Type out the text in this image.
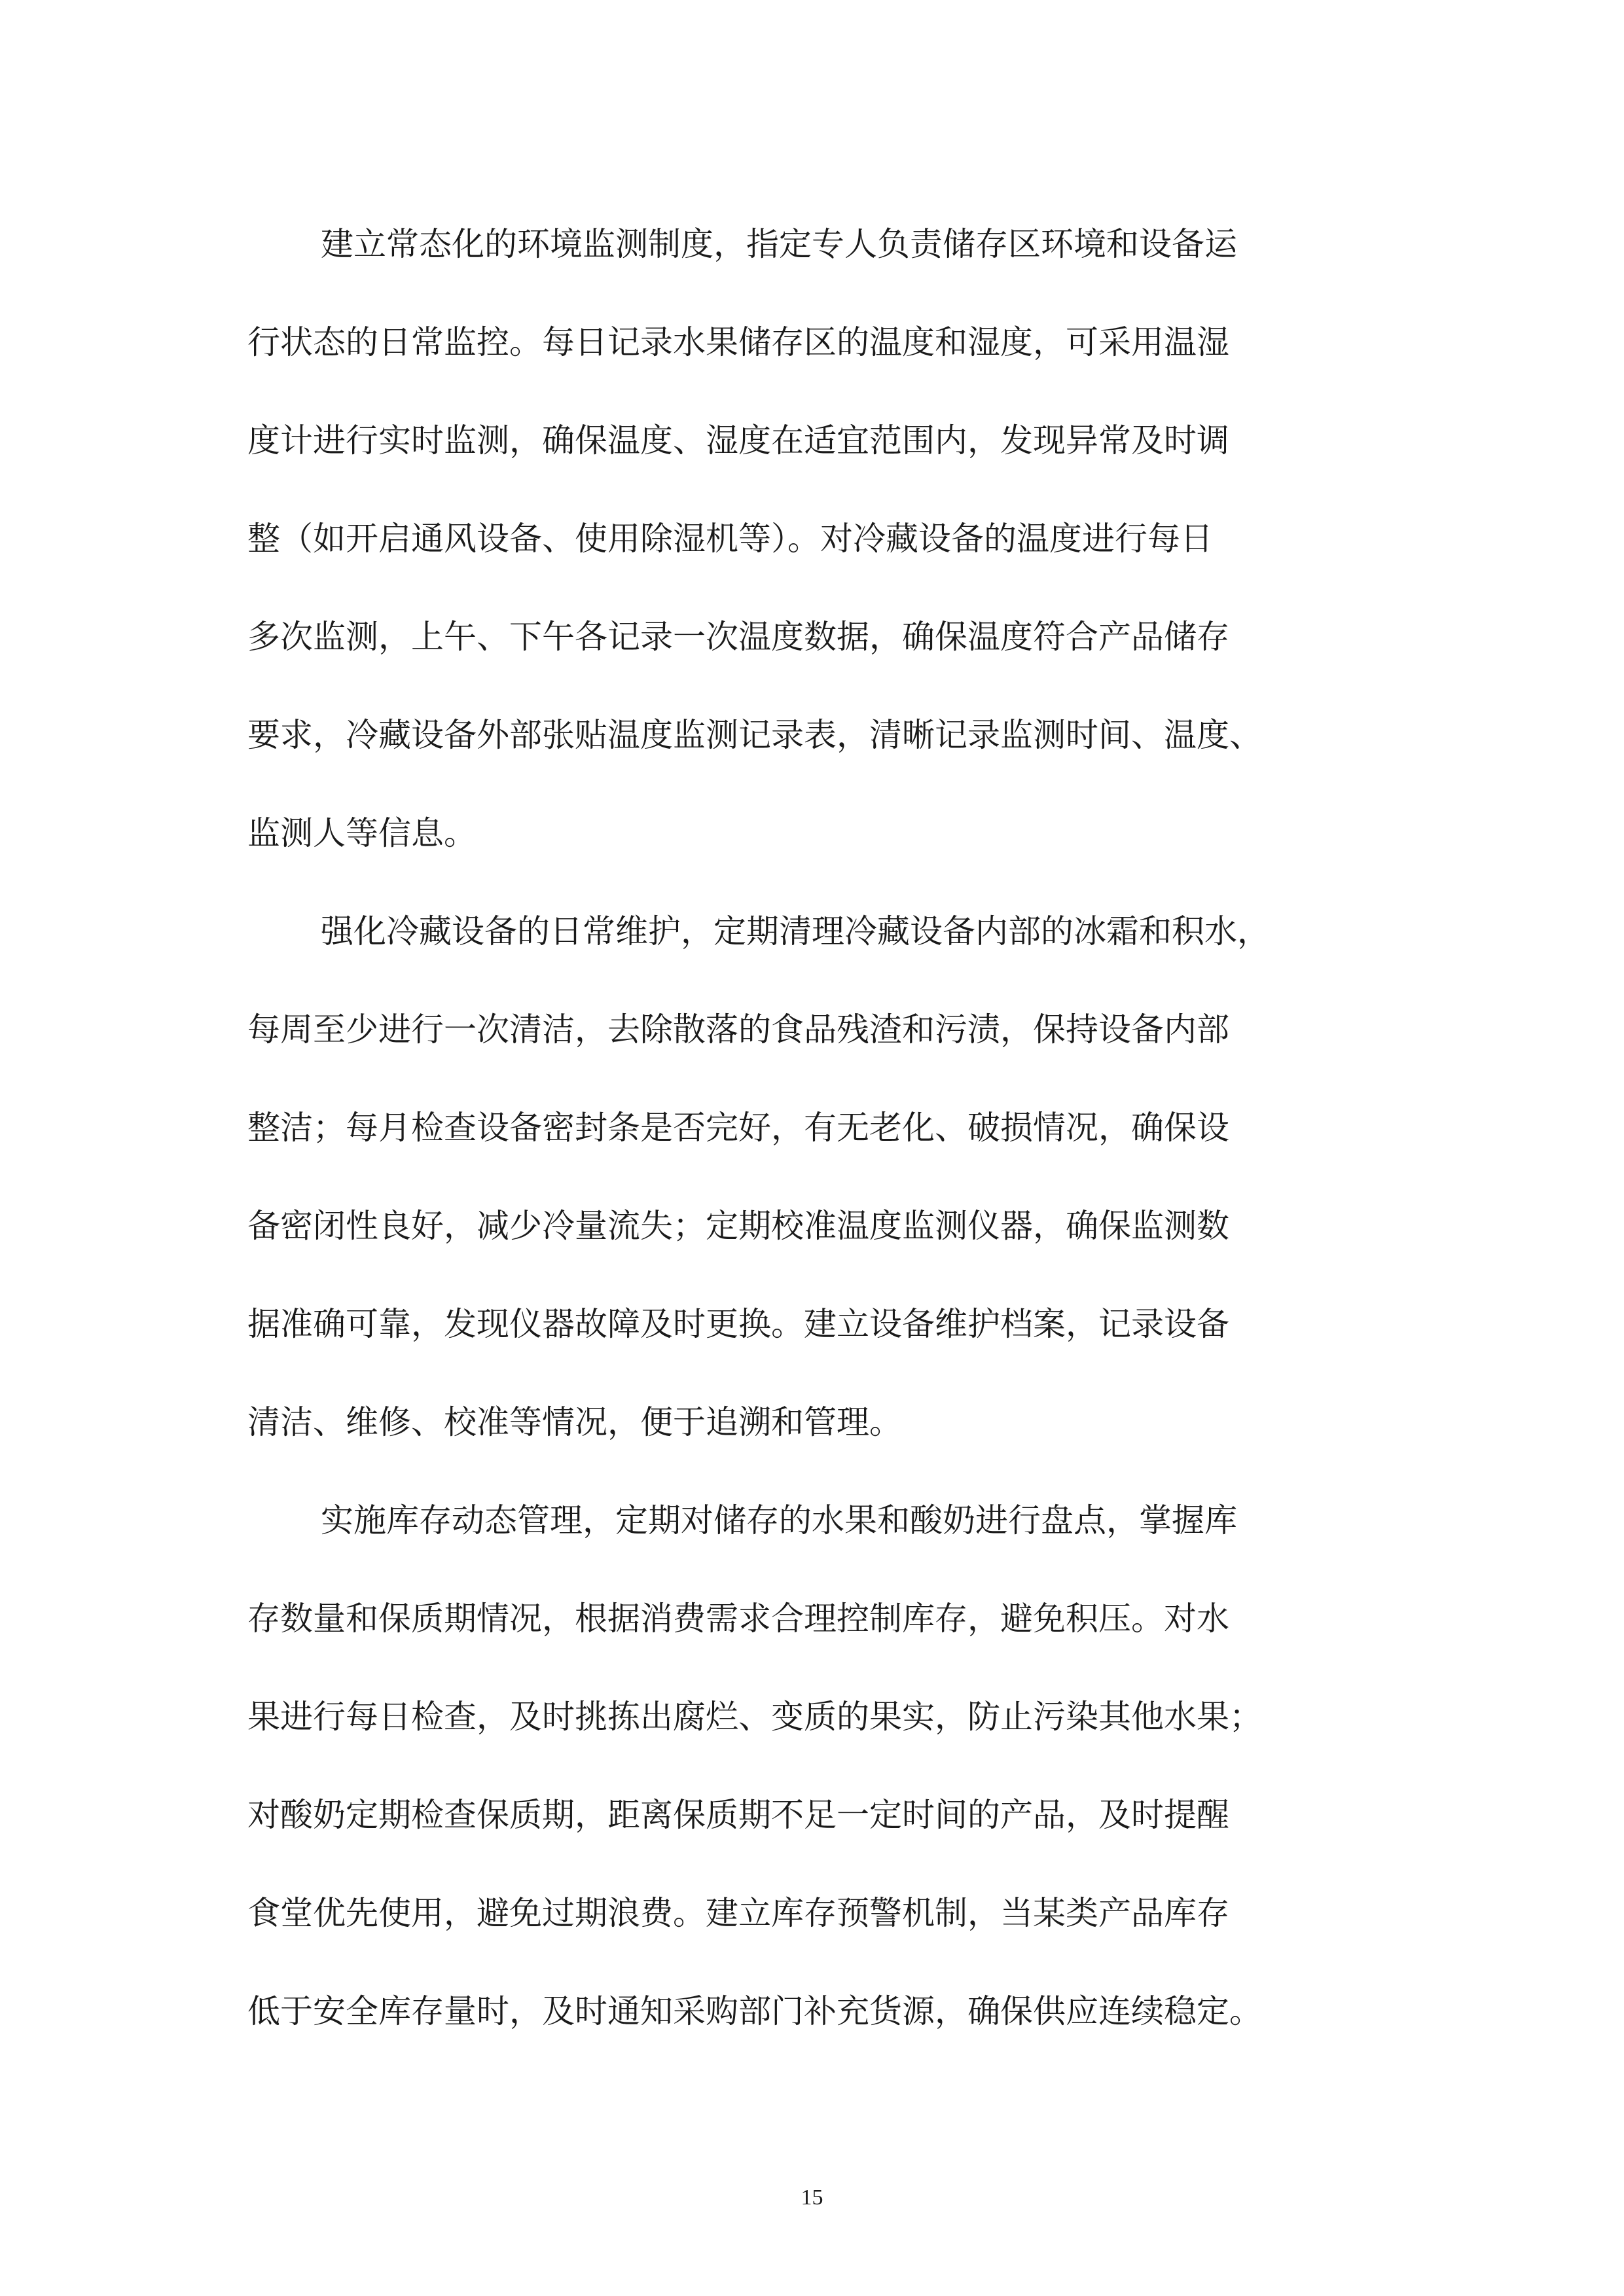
建立常态化的环境监测制度，指定专人负责储存区环境和设备运
行状态的日常监控。每日记录水果储存区的温度和湿度，可采用温湿
度计进行实时监测，确保温度、湿度在适宜范围内，发现异常及时调
整（如开启通风设备、使用除湿机等）。对冷藏设备的温度进行每日
多次监测，上午、下午各记录一次温度数据，确保温度符合产品储存
要求，冷藏设备外部张贴温度监测记录表，清晰记录监测时间、温度、
监测人等信息。
强化冷藏设备的日常维护，定期清理冷藏设备内部的冰霜和积水，
每周至少进行一次清洁，去除散落的食品残渣和污渍，保持设备内部
整洁；每月检查设备密封条是否完好，有无老化、破损情况，确保设
备密闭性良好，减少冷量流失；定期校准温度监测仪器，确保监测数
据准确可靠，发现仪器故障及时更换。建立设备维护档案，记录设备
清洁、维修、校准等情况，便于追溯和管理。
实施库存动态管理，定期对储存的水果和酸奶进行盘点，掌握库
存数量和保质期情况，根据消费需求合理控制库存，避免积压。对水
果进行每日检查，及时挑拣出腐烂、变质的果实，防止污染其他水果；
对酸奶定期检查保质期，距离保质期不足一定时间的产品，及时提醒
食堂优先使用，避免过期浪费。建立库存预警机制，当某类产品库存
低于安全库存量时，及时通知采购部门补充货源，确保供应连续稳定。
15
